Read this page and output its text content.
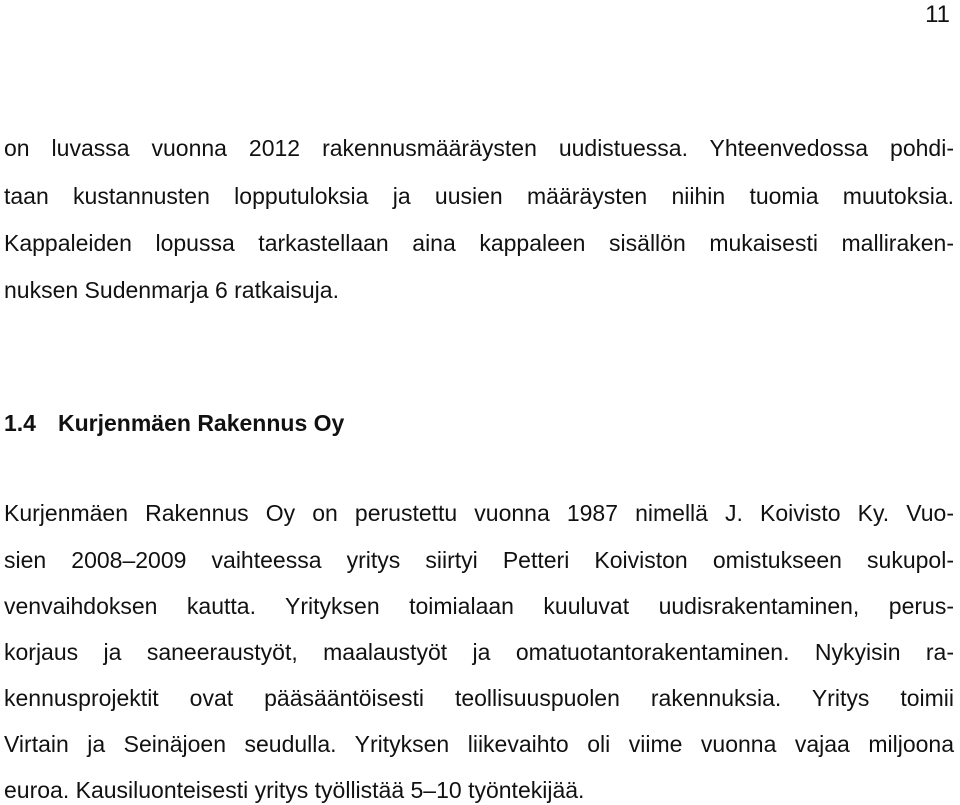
11
on luvassa vuonna 2012 rakennusmääräysten uudistuessa. Yhteenvedossa pohdi-
taan kustannusten lopputuloksia ja uusien määräysten niihin tuomia muutoksia.
Kappaleiden lopussa tarkastellaan aina kappaleen sisällön mukaisesti malliraken-
nuksen Sudenmarja 6 ratkaisuja.
1.4 Kurjenmäen Rakennus Oy
Kurjenmäen Rakennus Oy on perustettu vuonna 1987 nimellä J. Koivisto Ky. Vuo-
sien 2008–2009 vaihteessa yritys siirtyi Petteri Koiviston omistukseen sukupol-
venvaihdoksen kautta. Yrityksen toimialaan kuuluvat uudisrakentaminen, perus-
korjaus ja saneeraustyöt, maalaustyöt ja omatuotantorakentaminen. Nykyisin ra-
kennusprojektit ovat pääsääntöisesti teollisuuspuolen rakennuksia. Yritys toimii
Virtain ja Seinäjoen seudulla. Yrityksen liikevaihto oli viime vuonna vajaa miljoona
euroa. Kausiluonteisesti yritys työllistää 5–10 työntekijää.
